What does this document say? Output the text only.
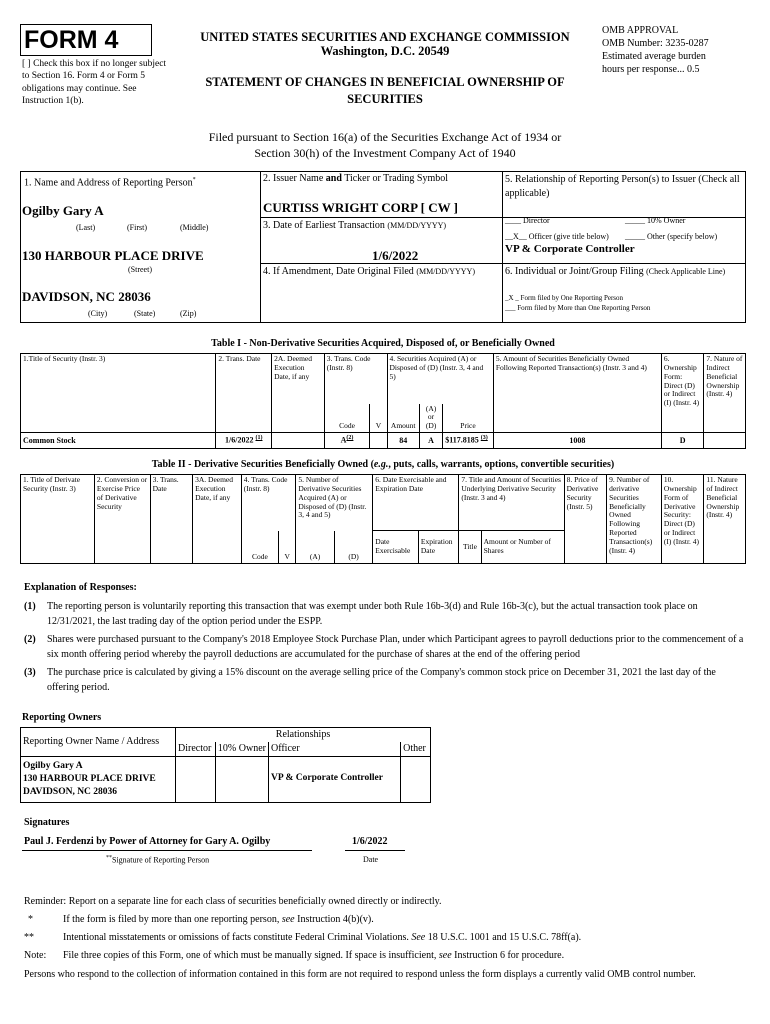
FORM 4
[ ] Check this box if no longer subject to Section 16. Form 4 or Form 5 obligations may continue. See Instruction 1(b).
UNITED STATES SECURITIES AND EXCHANGE COMMISSION
Washington, D.C. 20549
STATEMENT OF CHANGES IN BENEFICIAL OWNERSHIP OF SECURITIES
OMB APPROVAL
OMB Number: 3235-0287
Estimated average burden
hours per response... 0.5
Filed pursuant to Section 16(a) of the Securities Exchange Act of 1934 or
Section 30(h) of the Investment Company Act of 1940
1. Name and Address of Reporting Person*
Ogilby Gary A
(Last)	(First)	(Middle)
130 HARBOUR PLACE DRIVE
(Street)
DAVIDSON, NC 28036
(City)	(State)	(Zip)
2. Issuer Name and Ticker or Trading Symbol
CURTISS WRIGHT CORP [ CW ]
3. Date of Earliest Transaction (MM/DD/YYYY)
1/6/2022
4. If Amendment, Date Original Filed (MM/DD/YYYY)
5. Relationship of Reporting Person(s) to Issuer (Check all applicable)
____ Director	_____ 10% Owner
__X__ Officer (give title below) _____ Other (specify below)
VP & Corporate Controller
6. Individual or Joint/Group Filing (Check Applicable Line)
_X _ Form filed by One Reporting Person
___ Form filed by More than One Reporting Person
Table I - Non-Derivative Securities Acquired, Disposed of, or Beneficially Owned
1.Title of Security (Instr. 3)	2. Trans. Date	2A. Deemed Execution Date, if any	3. Trans. Code (Instr. 8)		4. Securities Acquired (A) or Disposed of (D) (Instr. 3, 4 and 5)			5. Amount of Securities Beneficially Owned Following Reported Transaction(s) (Instr. 3 and 4)	6. Ownership Form: Direct (D) or Indirect (I) (Instr. 4)	7. Nature of Indirect Beneficial Ownership (Instr. 4)
			Code	V	Amount	(A) or (D)	Price			
Common Stock	1/6/2022 $^{(1)}$		$A^{(2)}$		84	A	$117.8185 $^{(3)}$	1008	D	
Table II - Derivative Securities Beneficially Owned (e.g., puts, calls, warrants, options, convertible securities)
1. Title of Derivate Security (Instr. 3)	2. Conversion or Exercise Price of Derivative Security	3. Trans. Date	3A. Deemed Execution Date, if any	4. Trans. Code (Instr. 8)		5. Number of Derivative Securities Acquired (A) or Disposed of (D) (Instr. 3, 4 and 5)		6. Date Exercisable and Expiration Date		7. Title and Amount of Securities Underlying Derivative Security (Instr. 3 and 4)		8. Price of Derivative Security (Instr. 5)	9. Number of derivative Securities Beneficially Owned Following Reported Transaction(s) (Instr. 4)	10. Ownership Form of Derivative Security: Direct (D) or Indirect (I) (Instr. 4)	11. Nature of Indirect Beneficial Ownership (Instr. 4)
				Code	V	(A)	(D)	Date Exercisable	Expiration Date	Title	Amount or Number of Shares				
Explanation of Responses:
(1) The reporting person is voluntarily reporting this transaction that was exempt under both Rule 16b-3(d) and Rule 16b-3(c), but the actual transaction took place on 12/31/2021, the last trading day of the option period under the ESPP.
(2) Shares were purchased pursuant to the Company's 2018 Employee Stock Purchase Plan, under which Participant agrees to payroll deductions prior to the commencement of a six month offering period whereby the payroll deductions are accumulated for the purchase of shares at the end of the offering period
(3) The purchase price is calculated by giving a 15% discount on the average selling price of the Company's common stock price on December 31, 2021 the last day of the offering period.
Reporting Owners
Reporting Owner Name / Address	Relationships			
	Director	10% Owner	Officer	Other

Ogilby Gary A
130 HARBOUR PLACE DRIVE
DAVIDSON, NC 28036			VP & Corporate Controller	
Signatures
Paul J. Ferdenzi by Power of Attorney for Gary A. Ogilby	1/6/2022
**Signature of Reporting Person	Date
Reminder: Report on a separate line for each class of securities beneficially owned directly or indirectly.
*	If the form is filed by more than one reporting person, see Instruction 4(b)(v).
**	Intentional misstatements or omissions of facts constitute Federal Criminal Violations. See 18 U.S.C. 1001 and 15 U.S.C. 78ff(a).
Note: File three copies of this Form, one of which must be manually signed. If space is insufficient, see Instruction 6 for procedure.
Persons who respond to the collection of information contained in this form are not required to respond unless the form displays a currently valid OMB control number.
